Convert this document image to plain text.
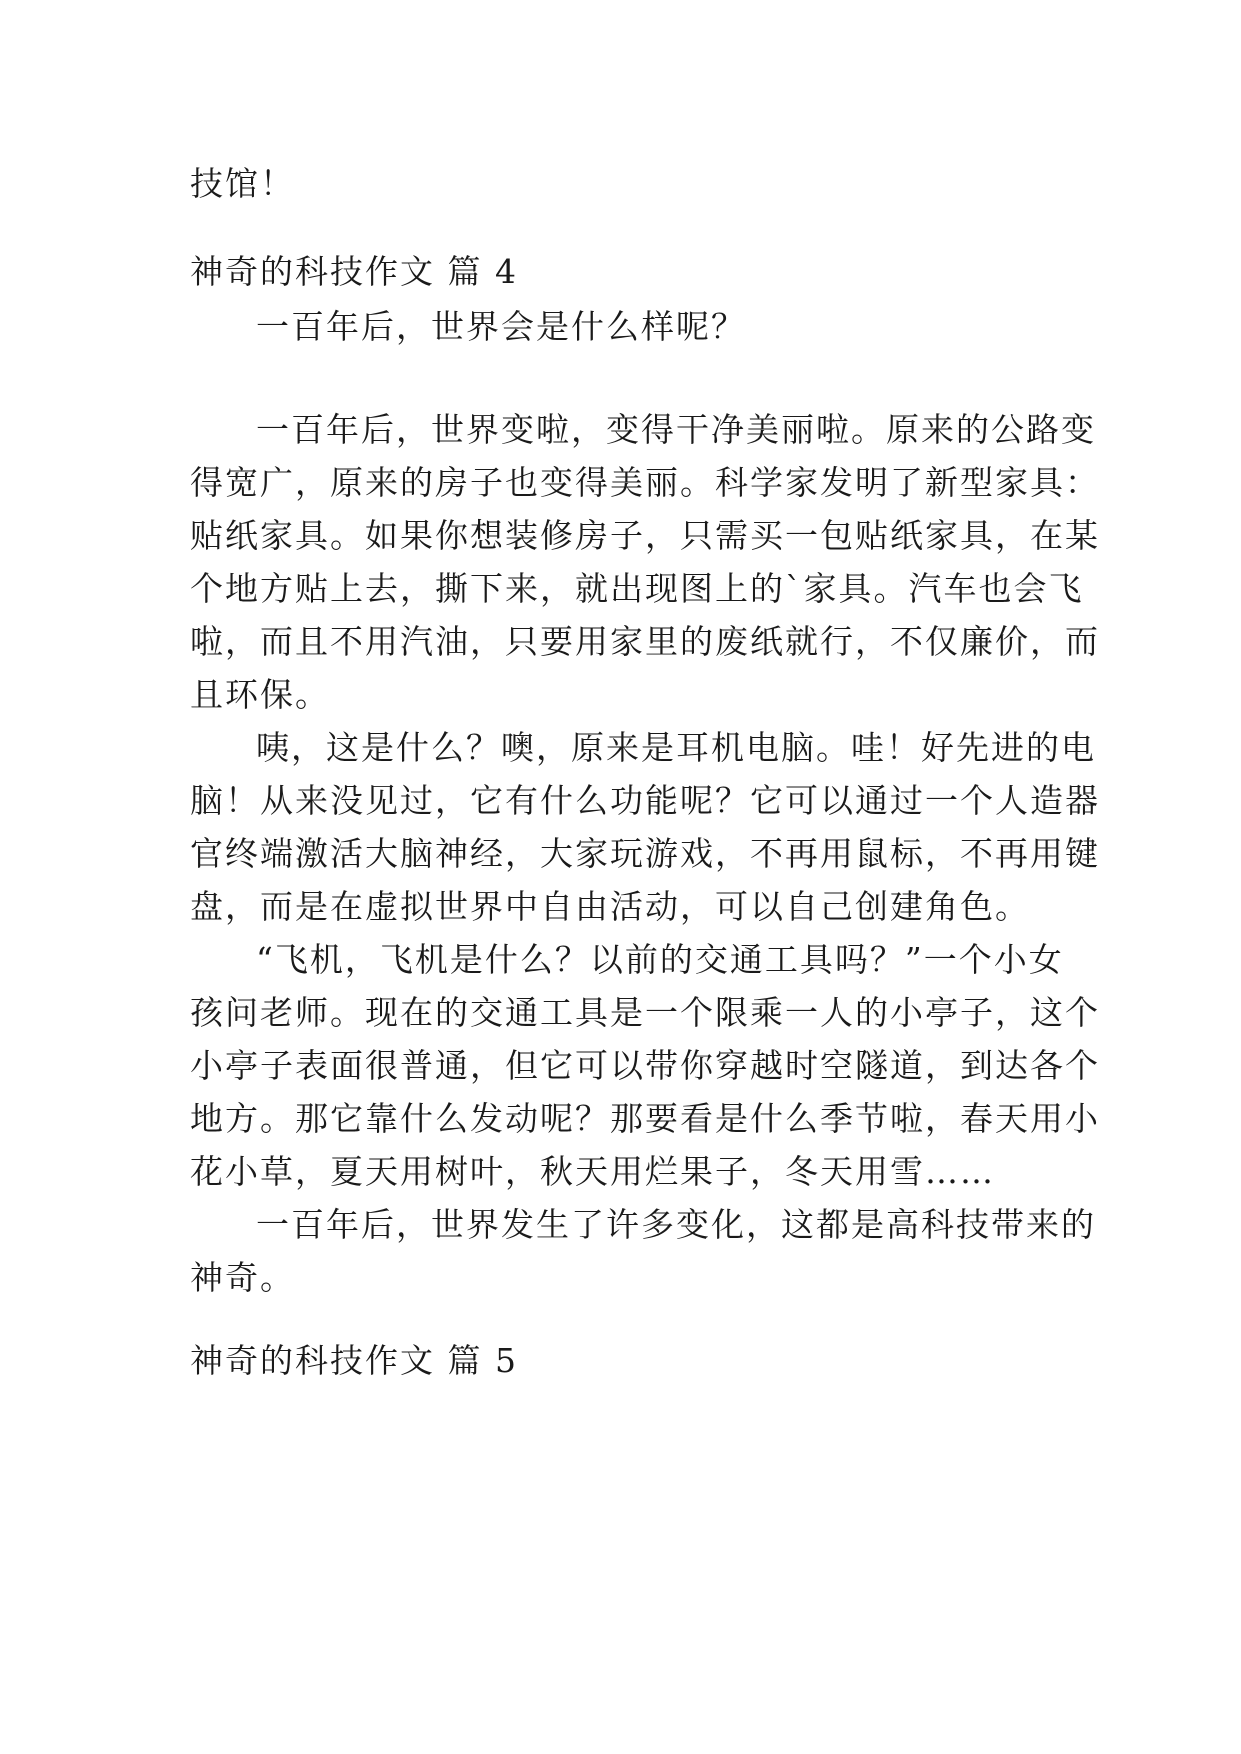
技馆！
神奇的科技作文 篇 4
一百年后，世界会是什么样呢？
一百年后，世界变啦，变得干净美丽啦。原来的公路变
得宽广，原来的房子也变得美丽。科学家发明了新型家具：
贴纸家具。如果你想装修房子，只需买一包贴纸家具，在某
个地方贴上去，撕下来，就出现图上的`家具。汽车也会飞
啦，而且不用汽油，只要用家里的废纸就行，不仅廉价，而
且环保。
咦，这是什么？噢，原来是耳机电脑。哇！好先进的电
脑！从来没见过，它有什么功能呢？它可以通过一个人造器
官终端激活大脑神经，大家玩游戏，不再用鼠标，不再用键
盘，而是在虚拟世界中自由活动，可以自己创建角色。
“飞机，飞机是什么？以前的交通工具吗？”一个小女
孩问老师。现在的交通工具是一个限乘一人的小亭子，这个
小亭子表面很普通，但它可以带你穿越时空隧道，到达各个
地方。那它靠什么发动呢？那要看是什么季节啦，春天用小
花小草，夏天用树叶，秋天用烂果子，冬天用雪……
一百年后，世界发生了许多变化，这都是高科技带来的
神奇。
神奇的科技作文 篇 5
